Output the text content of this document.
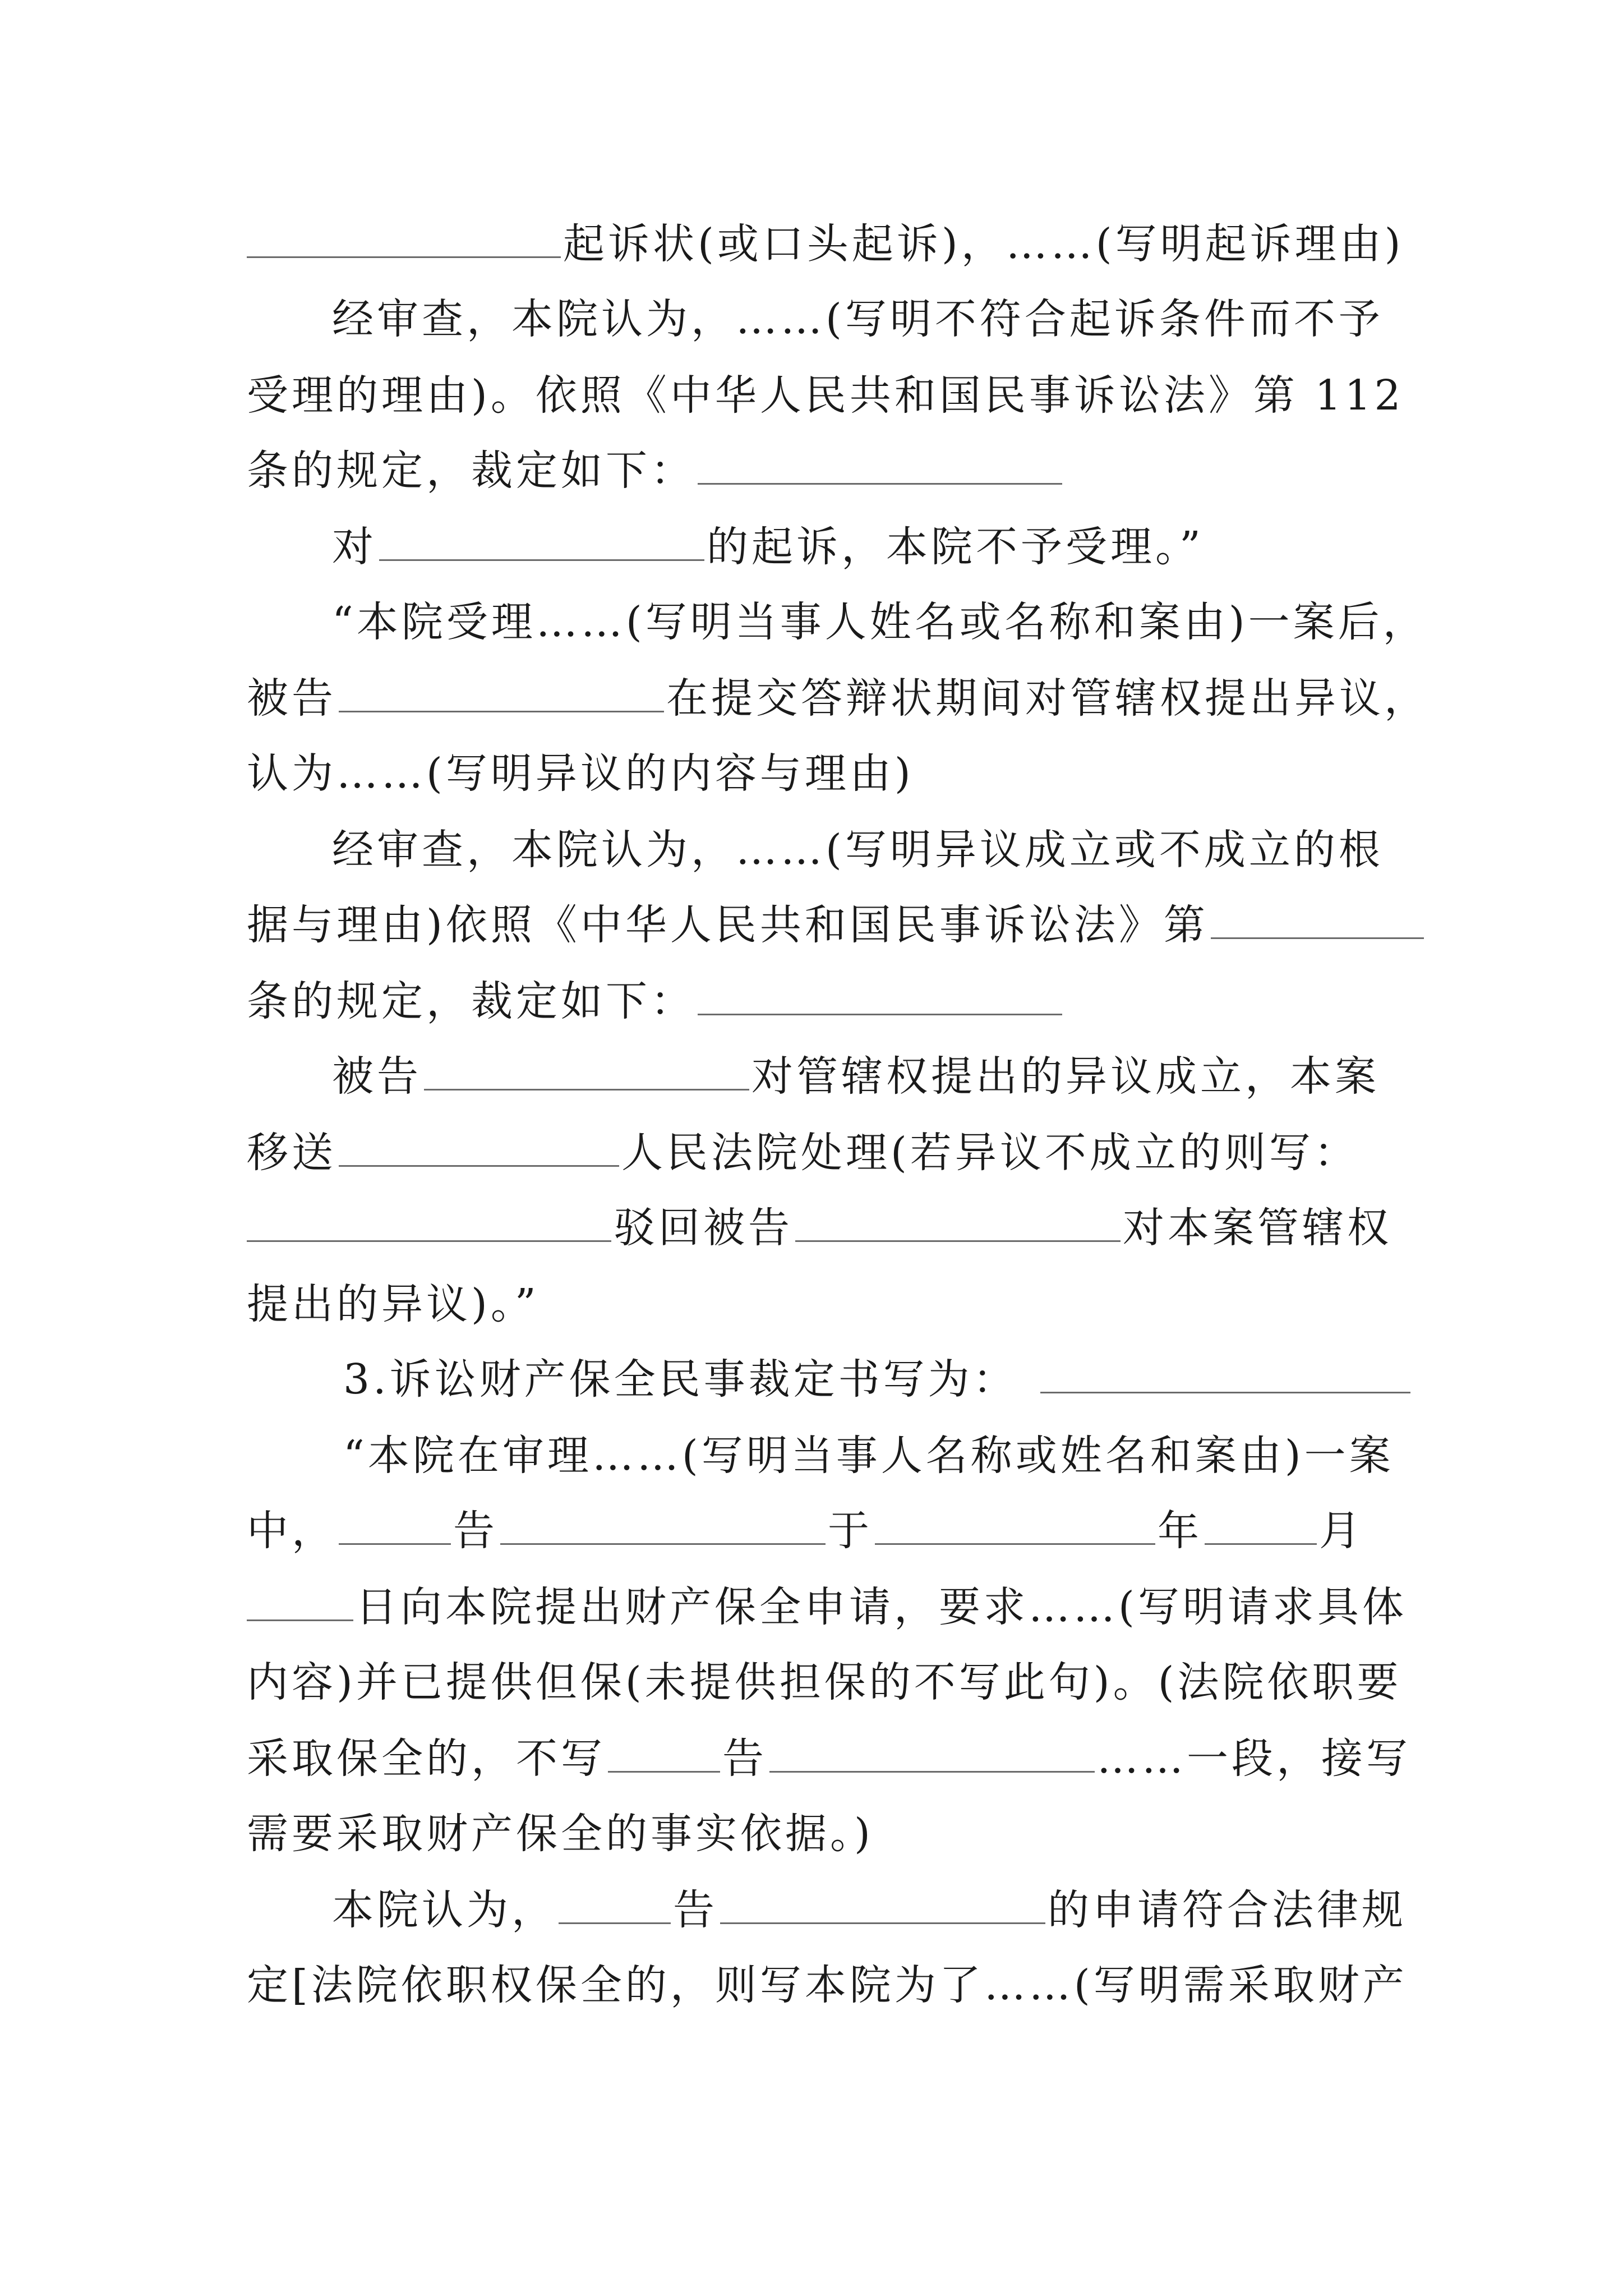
起诉状(或口头起诉)，……(写明起诉理由)
经审查，本院认为，……(写明不符合起诉条件而不予
受理的理由)。依照《中华人民共和国民事诉讼法》第 112
条的规定，裁定如下：
对	的起诉，本院不予受理。”
“本院受理……(写明当事人姓名或名称和案由)一案后，
被告	在提交答辩状期间对管辖权提出异议，
认为……(写明异议的内容与理由)
经审查，本院认为，……(写明异议成立或不成立的根
据与理由)依照《中华人民共和国民事诉讼法》第
条的规定，裁定如下：
被告	对管辖权提出的异议成立，本案
移送	人民法院处理(若异议不成立的则写：
驳回被告	对本案管辖权
提出的异议)。”
3.诉讼财产保全民事裁定书写为：
“本院在审理……(写明当事人名称或姓名和案由)一案
中，	告	于	年	月
日向本院提出财产保全申请，要求……(写明请求具体
内容)并已提供但保(未提供担保的不写此句)。(法院依职要
采取保全的，不写	告	……一段，接写
需要采取财产保全的事实依据。)
本院认为，	告	的申请符合法律规
定[法院依职权保全的，则写本院为了……(写明需采取财产
